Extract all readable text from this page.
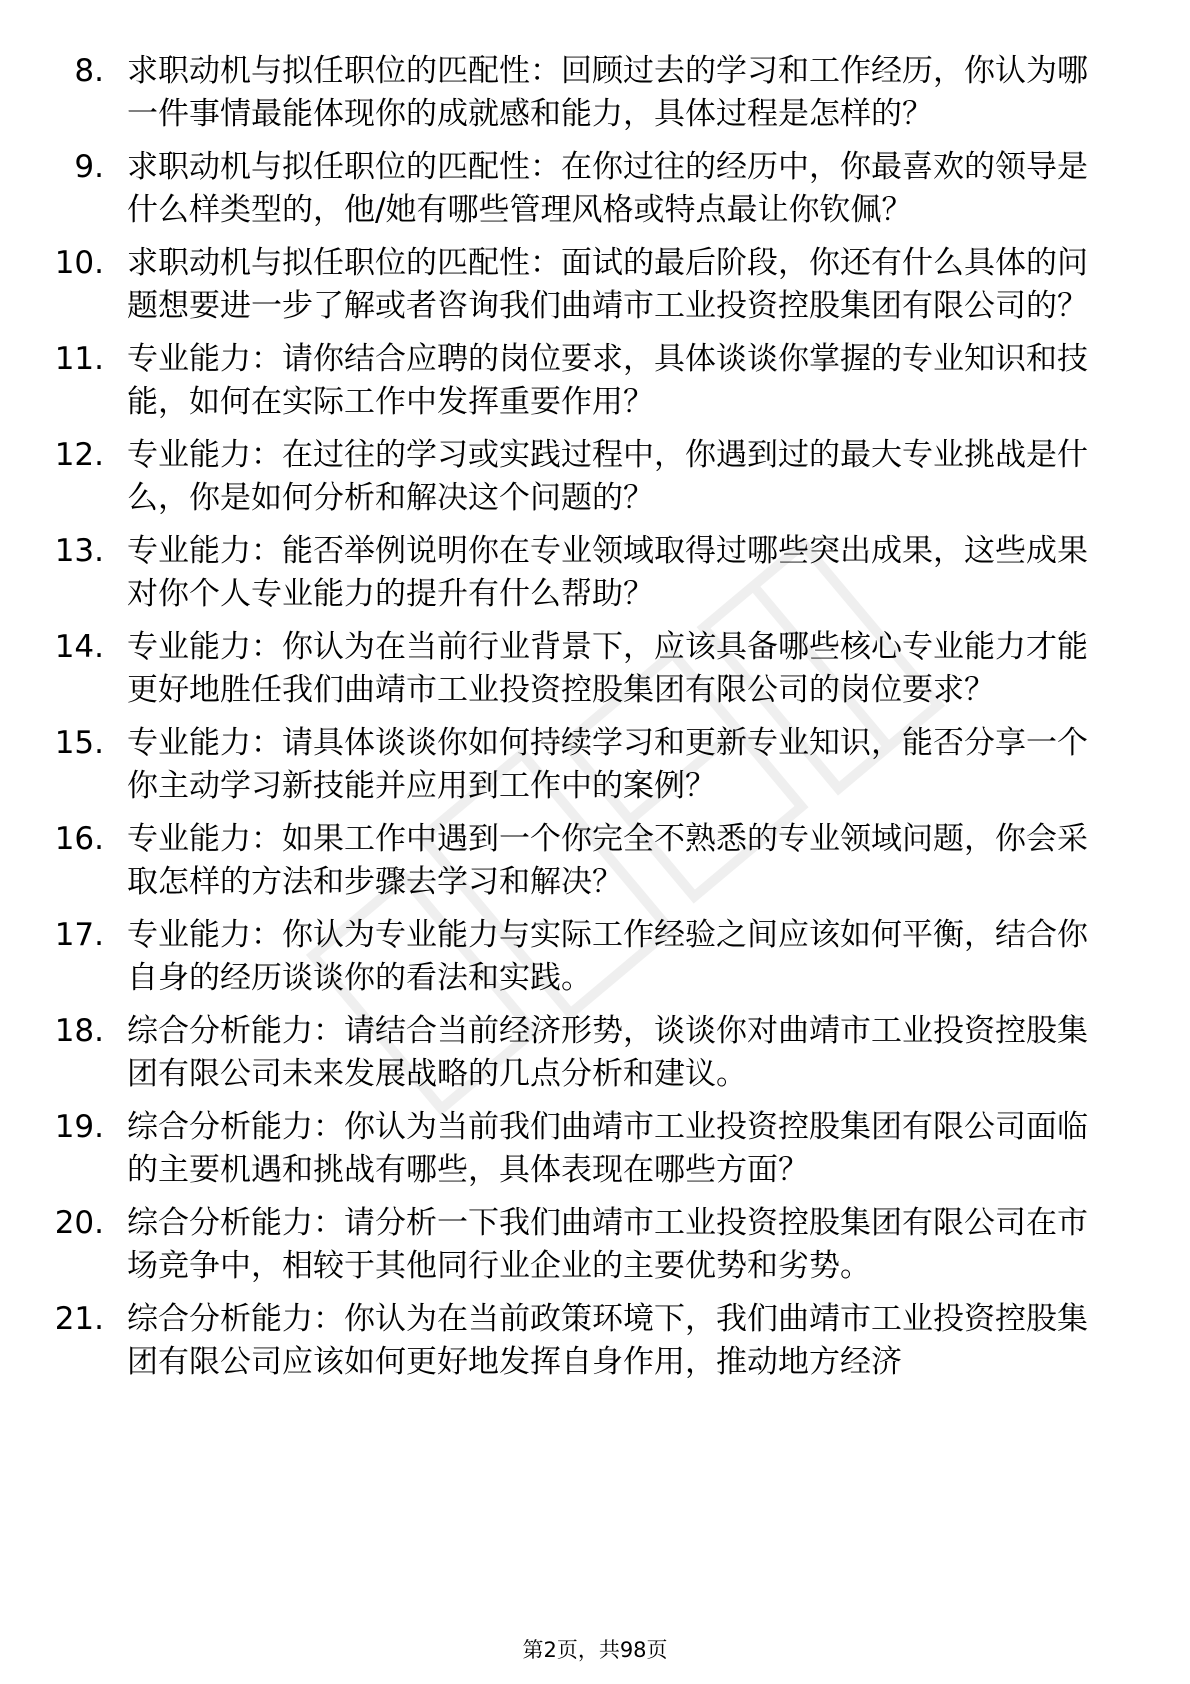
8. 求职动机与拟任职位的匹配性：回顾过去的学习和工作经历，你认为哪一件事情最能体现你的成就感和能力，具体过程是怎样的？
9. 求职动机与拟任职位的匹配性：在你过往的经历中，你最喜欢的领导是什么样类型的，他/她有哪些管理风格或特点最让你钦佩？
10. 求职动机与拟任职位的匹配性：面试的最后阶段，你还有什么具体的问题想要进一步了解或者咨询我们曲靖市工业投资控股集团有限公司的？
11. 专业能力：请你结合应聘的岗位要求，具体谈谈你掌握的专业知识和技能，如何在实际工作中发挥重要作用？
12. 专业能力：在过往的学习或实践过程中，你遇到过的最大专业挑战是什么，你是如何分析和解决这个问题的？
13. 专业能力：能否举例说明你在专业领域取得过哪些突出成果，这些成果对你个人专业能力的提升有什么帮助？
14. 专业能力：你认为在当前行业背景下，应该具备哪些核心专业能力才能更好地胜任我们曲靖市工业投资控股集团有限公司的岗位要求？
15. 专业能力：请具体谈谈你如何持续学习和更新专业知识，能否分享一个你主动学习新技能并应用到工作中的案例？
16. 专业能力：如果工作中遇到一个你完全不熟悉的专业领域问题，你会采取怎样的方法和步骤去学习和解决？
17. 专业能力：你认为专业能力与实际工作经验之间应该如何平衡，结合你自身的经历谈谈你的看法和实践。
18. 综合分析能力：请结合当前经济形势，谈谈你对曲靖市工业投资控股集团有限公司未来发展战略的几点分析和建议。
19. 综合分析能力：你认为当前我们曲靖市工业投资控股集团有限公司面临的主要机遇和挑战有哪些，具体表现在哪些方面？
20. 综合分析能力：请分析一下我们曲靖市工业投资控股集团有限公司在市场竞争中，相较于其他同行业企业的主要优势和劣势。
21. 综合分析能力：你认为在当前政策环境下，我们曲靖市工业投资控股集团有限公司应该如何更好地发挥自身作用，推动地方经济
第2页，共98页
